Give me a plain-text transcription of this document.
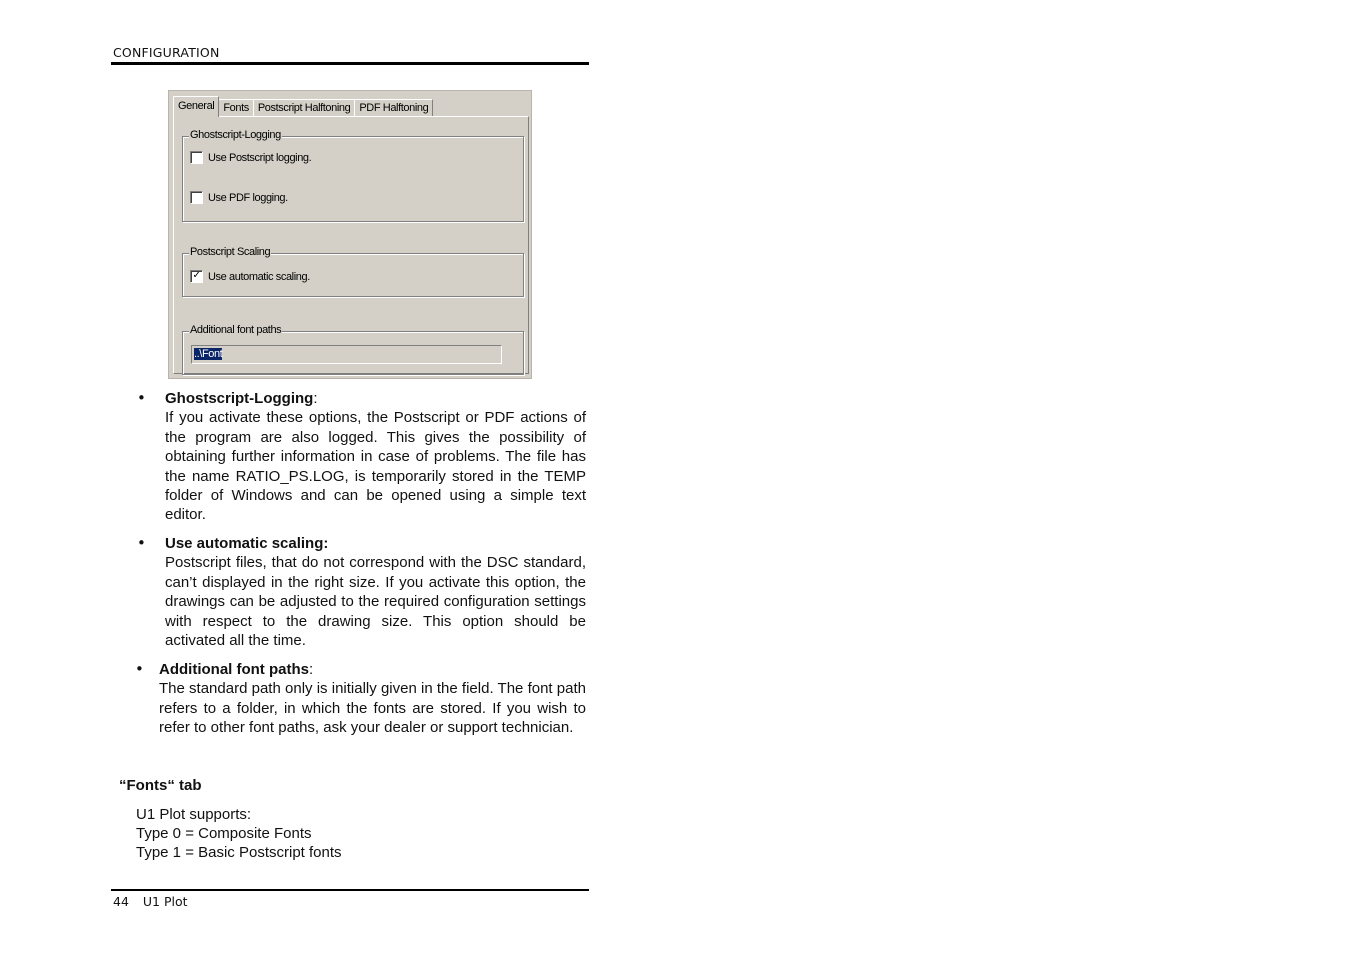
CONFIGURATION
General Fonts Postscript Halftoning PDF Halftoning
Ghostscript-Logging
Use Postscript logging.
Use PDF logging.
Postscript Scaling
✓ Use automatic scaling.
Additional font paths
..\Font
• Ghostscript-Logging:
If you activate these options, the Postscript or PDF actions of the program are also logged. This gives the possibility of obtaining further information in case of problems. The file has the name RATIO_PS.LOG, is temporarily stored in the TEMP folder of Windows and can be opened using a simple text editor.
• Use automatic scaling:
Postscript files, that do not correspond with the DSC standard, can’t displayed in the right size. If you activate this option, the drawings can be adjusted to the required configuration settings with respect to the drawing size. This option should be activated all the time.
• Additional font paths:
The standard path only is initially given in the field. The font path refers to a folder, in which the fonts are stored. If you wish to refer to other font paths, ask your dealer or support technician.
“Fonts“ tab
U1 Plot supports:
Type 0 = Composite Fonts
Type 1 = Basic Postscript fonts
44 U1 Plot
